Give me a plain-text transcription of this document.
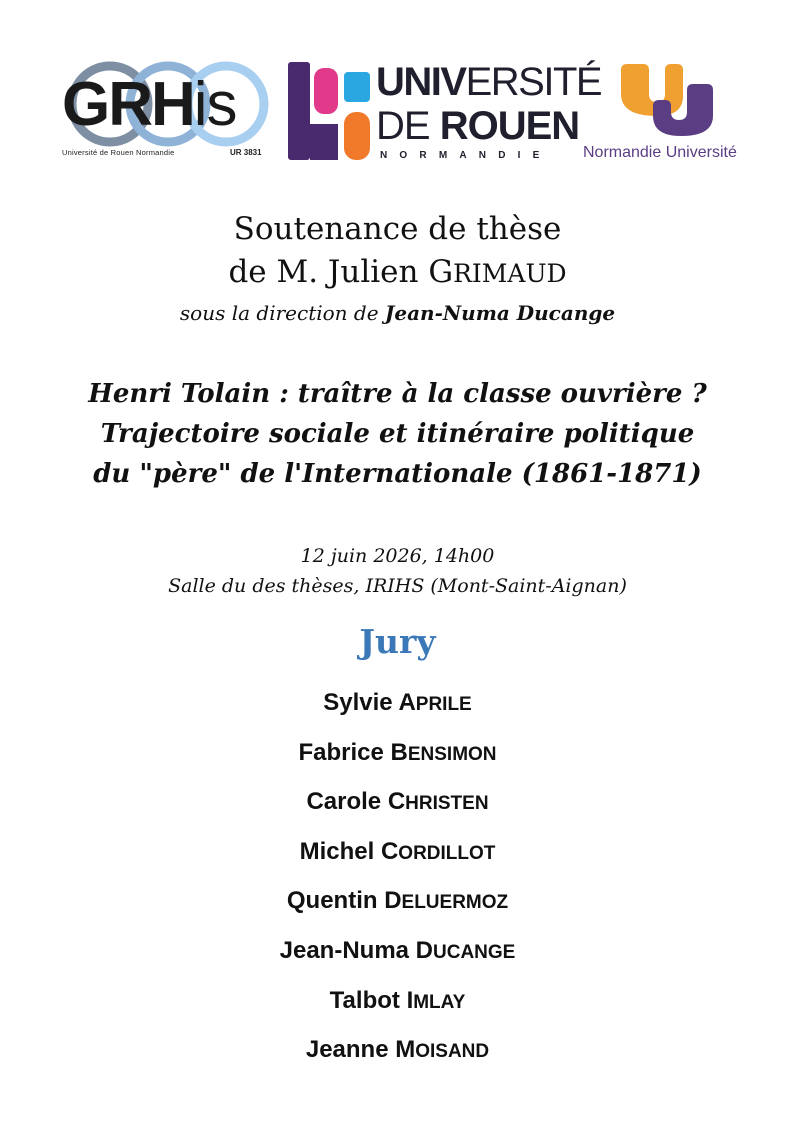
GRHis
Université de Rouen Normandie	UR 3831
UNIVERSITÉ
DE ROUEN
NORMANDIE Normandie Université
Soutenance de thèse
de M. Julien GRIMAUD
sous la direction de Jean-Numa Ducange
Henri Tolain : traître à la classe ouvrière ?
Trajectoire sociale et itinéraire politique
du "père" de l'Internationale (1861-1871)
12 juin 2026, 14h00
Salle du des thèses, IRIHS (Mont-Saint-Aignan)
Jury
Sylvie APRILE
Fabrice BENSIMON
Carole CHRISTEN
Michel CORDILLOT
Quentin DELUERMOZ
Jean-Numa DUCANGE
Talbot IMLAY
Jeanne MOISAND
